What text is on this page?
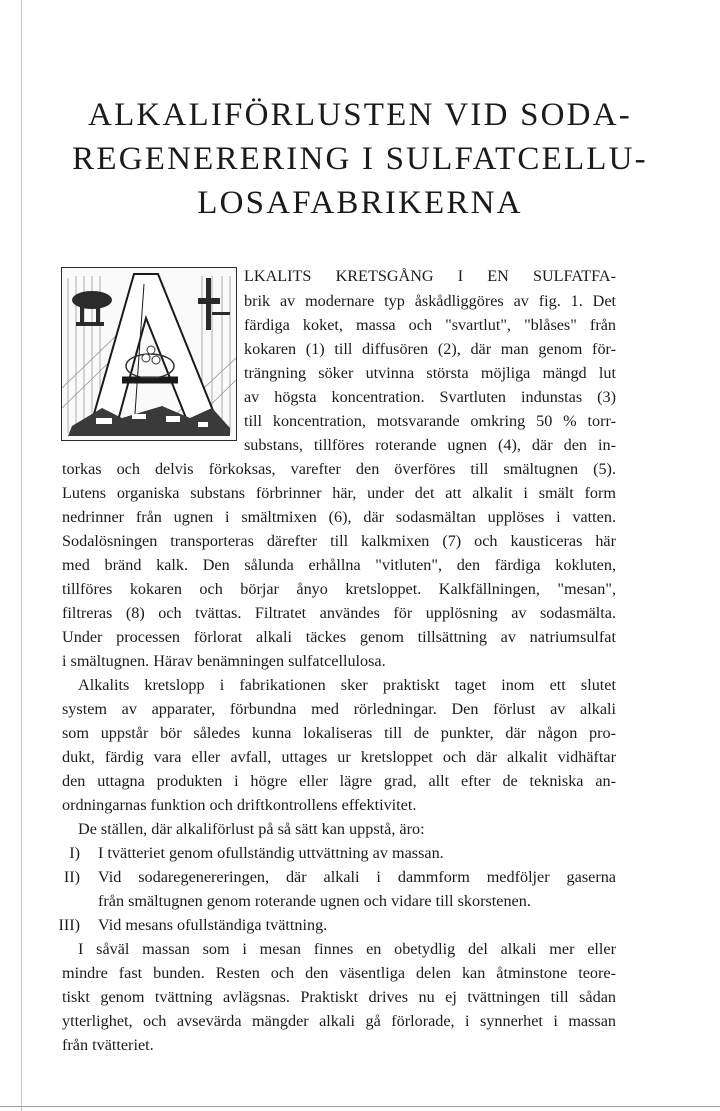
ALKALIFÖRLUSTEN VID SODA-
REGENERERING I SULFATCELLU-
LOSAFABRIKERNA
LKALITS KRETSGÅNG I EN SULFATFA-
brik av modernare typ åskådliggöres av fig. 1. Det
färdiga koket, massa och "svartlut", "blåses" från
kokaren (1) till diffusören (2), där man genom för-
trängning söker utvinna största möjliga mängd lut
av högsta koncentration. Svartluten indunstas (3)
till koncentration, motsvarande omkring 50 % torr-
substans, tillföres roterande ugnen (4), där den in-
torkas och delvis förkoksas, varefter den överföres till smältugnen (5).
Lutens organiska substans förbrinner här, under det att alkalit i smält form
nedrinner från ugnen i smältmixen (6), där sodasmältan upplöses i vatten.
Sodalösningen transporteras därefter till kalkmixen (7) och kausticeras här
med bränd kalk. Den sålunda erhållna "vitluten", den färdiga kokluten,
tillföres kokaren och börjar ånyo kretsloppet. Kalkfällningen, "mesan",
filtreras (8) och tvättas. Filtratet användes för upplösning av sodasmälta.
Under processen förlorat alkali täckes genom tillsättning av natriumsulfat
i smältugnen. Härav benämningen sulfatcellulosa.
Alkalits kretslopp i fabrikationen sker praktiskt taget inom ett slutet
system av apparater, förbundna med rörledningar. Den förlust av alkali
som uppstår bör således kunna lokaliseras till de punkter, där någon pro-
dukt, färdig vara eller avfall, uttages ur kretsloppet och där alkalit vidhäftar
den uttagna produkten i högre eller lägre grad, allt efter de tekniska an-
ordningarnas funktion och driftkontrollens effektivitet.
De ställen, där alkaliförlust på så sätt kan uppstå, äro:
I) I tvätteriet genom ofullständig uttvättning av massan.
II) Vid sodaregenereringen, där alkali i dammform medföljer gaserna
från smältugnen genom roterande ugnen och vidare till skorstenen.
III) Vid mesans ofullständiga tvättning.
I såväl massan som i mesan finnes en obetydlig del alkali mer eller
mindre fast bunden. Resten och den väsentliga delen kan åtminstone teore-
tiskt genom tvättning avlägsnas. Praktiskt drives nu ej tvättningen till sådan
ytterlighet, och avsevärda mängder alkali gå förlorade, i synnerhet i massan
från tvätteriet.
